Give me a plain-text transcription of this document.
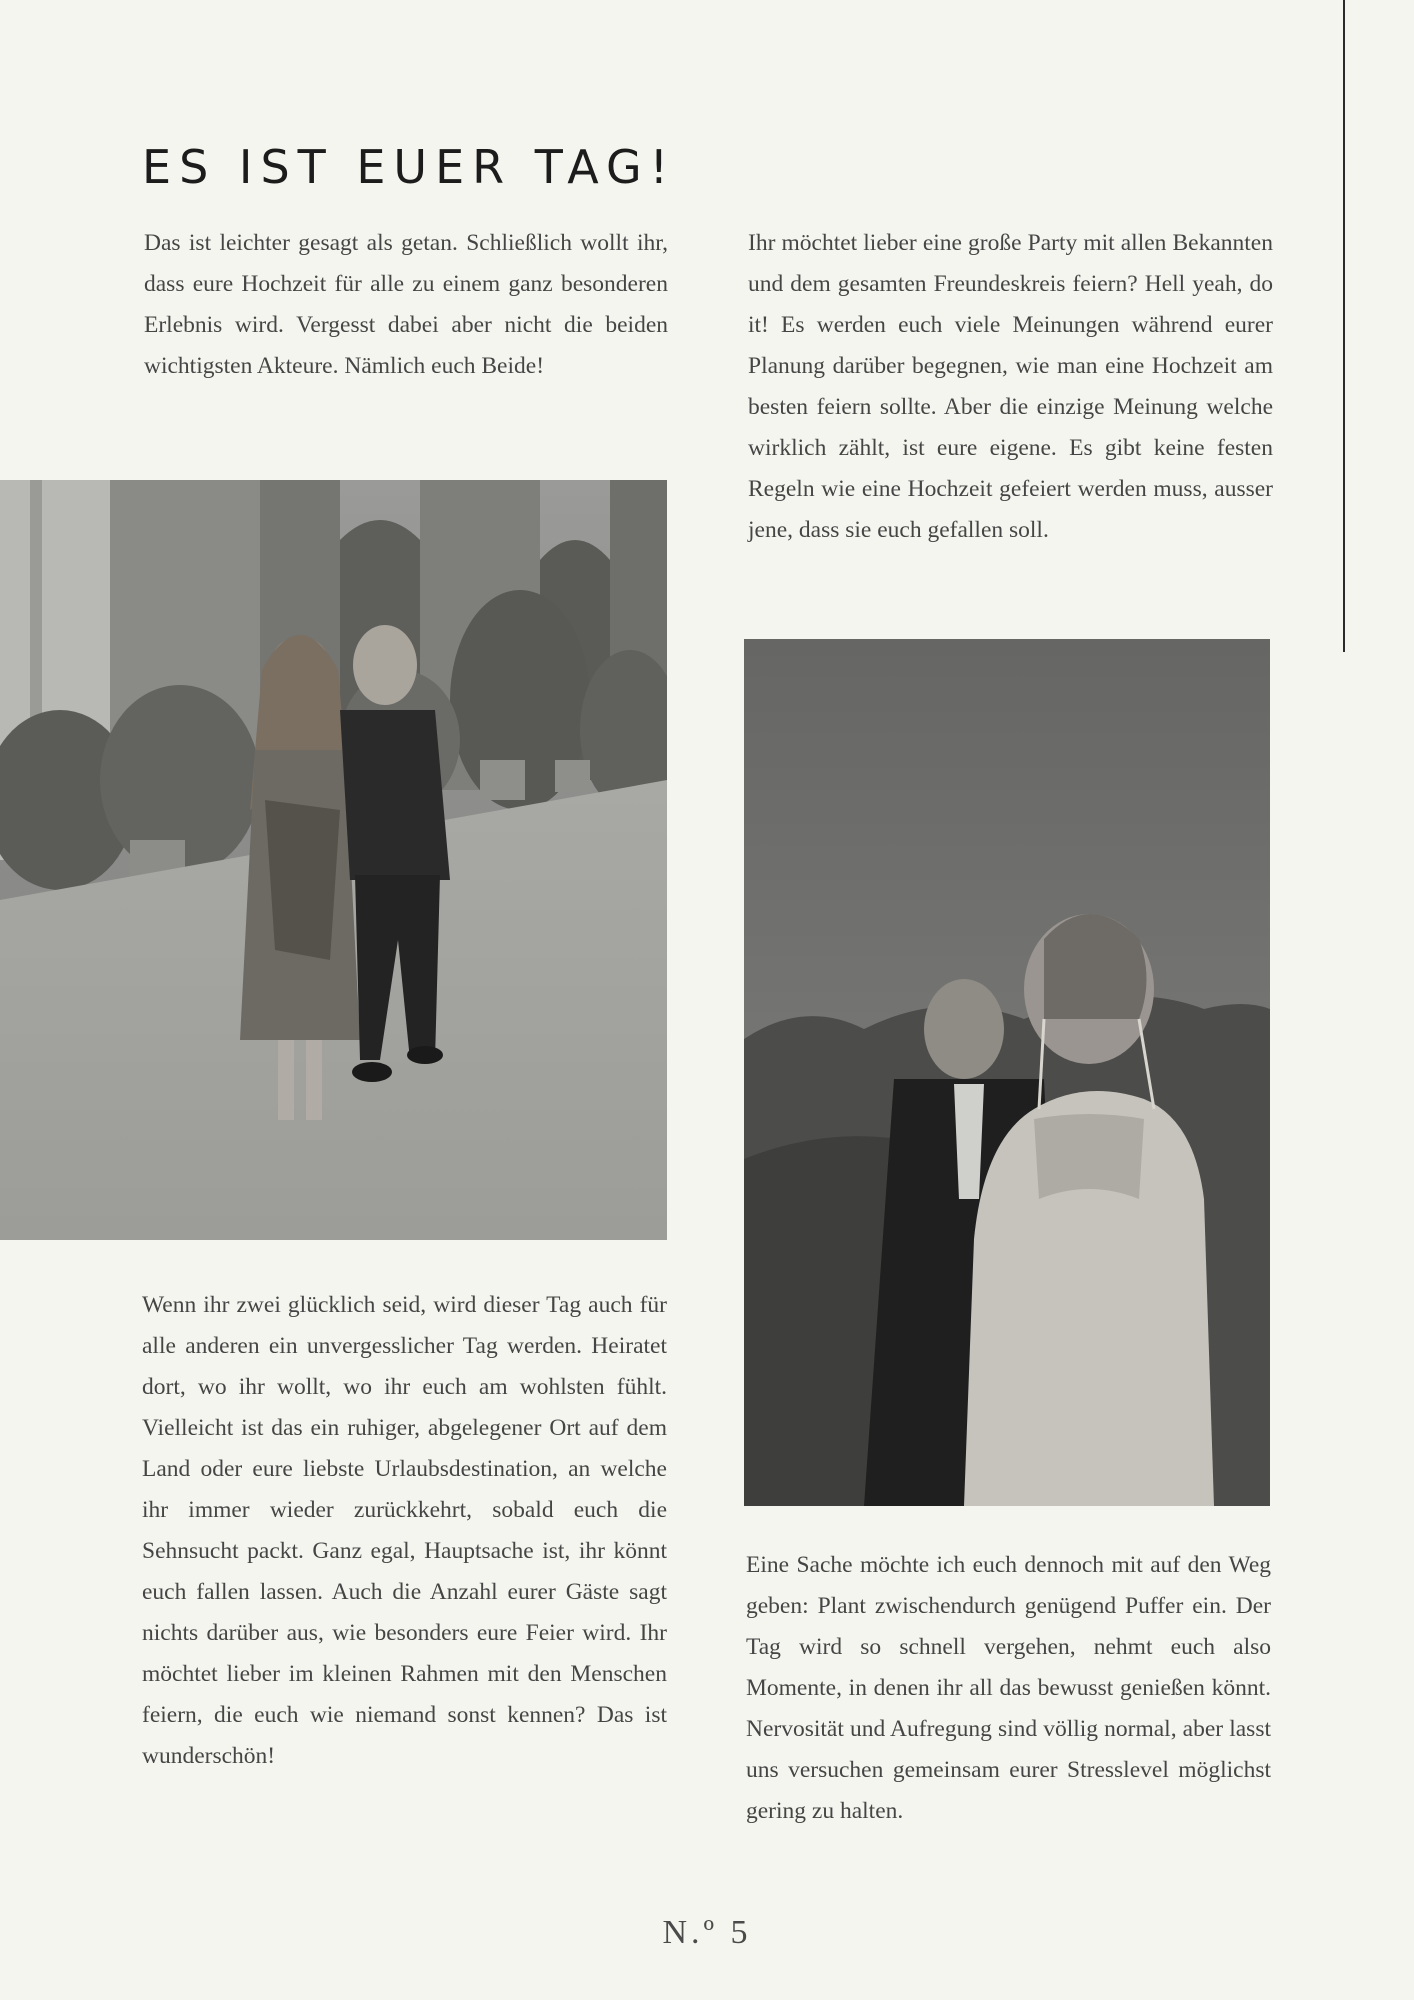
ES IST EUER TAG!

Das ist leichter gesagt als getan. Schließlich wollt ihr, dass eure Hochzeit für alle zu einem ganz besonderen Erlebnis wird. Vergesst dabei aber nicht die beiden wichtigsten Akteure. Nämlich euch Beide!

Ihr möchtet lieber eine große Party mit allen Bekannten und dem gesamten Freundeskreis feiern? Hell yeah, do it! Es werden euch viele Meinungen während eurer Planung darüber begegnen, wie man eine Hochzeit am besten feiern sollte. Aber die einzige Meinung welche wirklich zählt, ist eure eigene. Es gibt keine festen Regeln wie eine Hochzeit gefeiert werden muss, ausser jene, dass sie euch gefallen soll.

Wenn ihr zwei glücklich seid, wird dieser Tag auch für alle anderen ein unvergesslicher Tag werden. Heiratet dort, wo ihr wollt, wo ihr euch am wohlsten fühlt. Vielleicht ist das ein ruhiger, abgelegener Ort auf dem Land oder eure liebste Urlaubsdestination, an welche ihr immer wieder zurückkehrt, sobald euch die Sehnsucht packt. Ganz egal, Hauptsache ist, ihr könnt euch fallen lassen. Auch die Anzahl eurer Gäste sagt nichts darüber aus, wie besonders eure Feier wird. Ihr möchtet lieber im kleinen Rahmen mit den Menschen feiern, die euch wie niemand sonst kennen? Das ist wunderschön!

Eine Sache möchte ich euch dennoch mit auf den Weg geben: Plant zwischendurch genügend Puffer ein. Der Tag wird so schnell vergehen, nehmt euch also Momente, in denen ihr all das bewusst genießen könnt. Nervosität und Aufregung sind völlig normal, aber lasst uns versuchen gemeinsam eurer Stresslevel möglichst gering zu halten.

N.º 5
